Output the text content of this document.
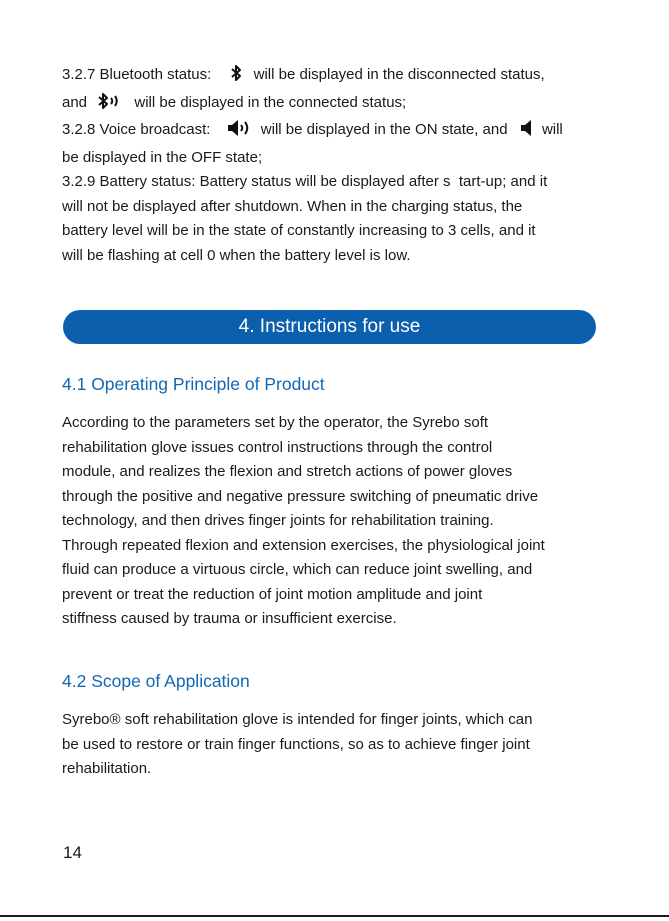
3.2.7 Bluetooth status:	will be displayed in the disconnected status,
and	will be displayed in the connected status;
3.2.8 Voice broadcast:	will be displayed in the ON state, and will
be displayed in the OFF state;
3.2.9 Battery status: Battery status will be displayed after s  tart-up; and it
will not be displayed after shutdown. When in the charging status, the
battery level will be in the state of constantly increasing to 3 cells, and it
will be flashing at cell 0 when the battery level is low.
4. Instructions for use
4.1 Operating Principle of Product
According to the parameters set by the operator, the Syrebo soft
rehabilitation glove issues control instructions through the control
module, and realizes the flexion and stretch actions of power gloves
through the positive and negative pressure switching of pneumatic drive
technology, and then drives finger joints for rehabilitation training.
Through repeated flexion and extension exercises, the physiological joint
fluid can produce a virtuous circle, which can reduce joint swelling, and
prevent or treat the reduction of joint motion amplitude and joint
stiffness caused by trauma or insufficient exercise.
4.2 Scope of Application
Syrebo® soft rehabilitation glove is intended for finger joints, which can
be used to restore or train finger functions, so as to achieve finger joint
rehabilitation.
14
